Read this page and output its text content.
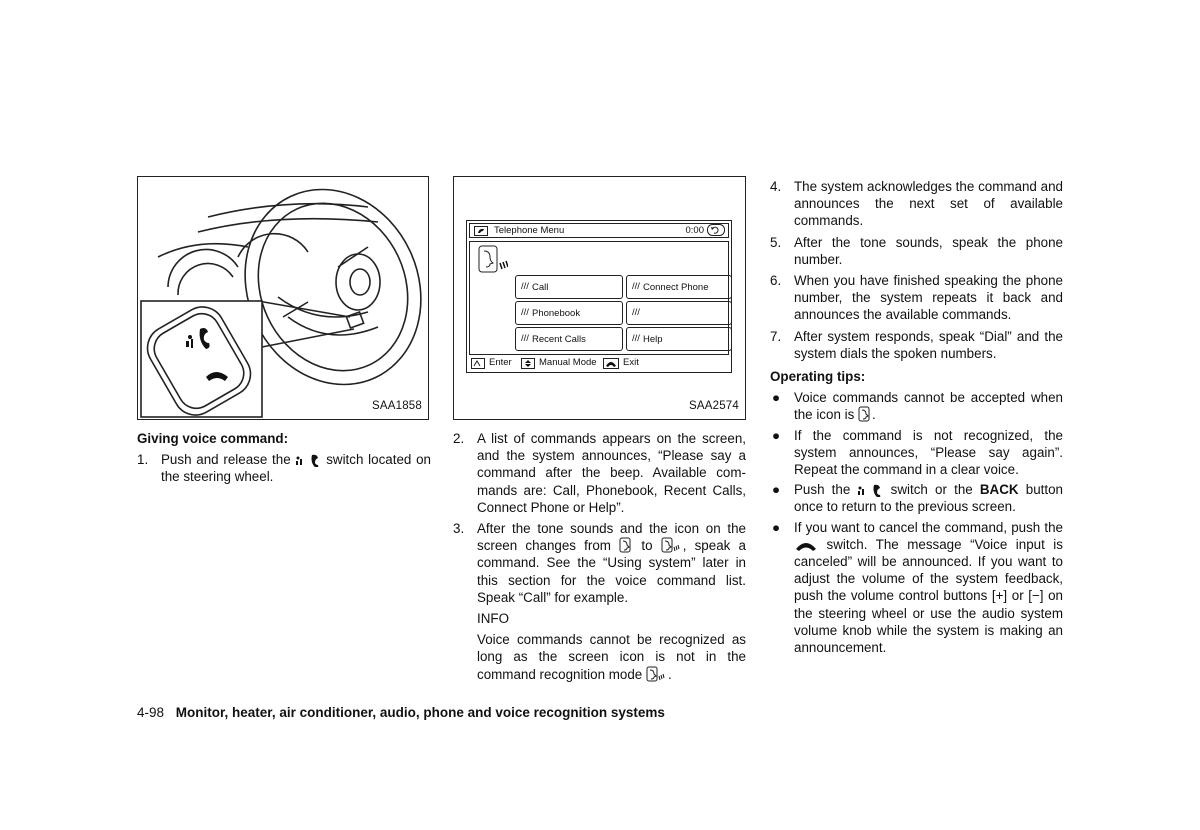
SAA1858
Telephone Menu	0:00
/// Call	/// Connect Phone
/// Phonebook	///
/// Recent Calls	/// Help
Enter	Manual Mode	Exit
SAA2574
Giving voice command:
1. Push and release the	switch located on the steering wheel.
2. A list of commands appears on the screen, and the system announces, “Please say a command after the beep. Available com-mands are: Call, Phonebook, Recent Calls, Connect Phone or Help”.
3. After the tone sounds and the icon on the screen changes from to , speak a command. See the “Using system” later in this section for the voice command list. Speak “Call” for example.
INFO
Voice commands cannot be recognized as long as the screen icon is not in the command recognition mode .
4. The system acknowledges the command and announces the next set of available commands.
5. After the tone sounds, speak the phone number.
6. When you have finished speaking the phone number, the system repeats it back and announces the available commands.
7. After system responds, speak “Dial” and the system dials the spoken numbers.
Operating tips:
● Voice commands cannot be accepted when the icon is .
● If the command is not recognized, the system announces, “Please say again”. Repeat the command in a clear voice.
● Push the	switch or the BACK button once to return to the previous screen.
● If you want to cancel the command, push the  switch. The message “Voice input is canceled” will be announced. If you want to adjust the volume of the system feedback, push the volume control buttons [+] or [−] on the steering wheel or use the audio system volume knob while the system is making an announcement.
4-98 Monitor, heater, air conditioner, audio, phone and voice recognition systems
